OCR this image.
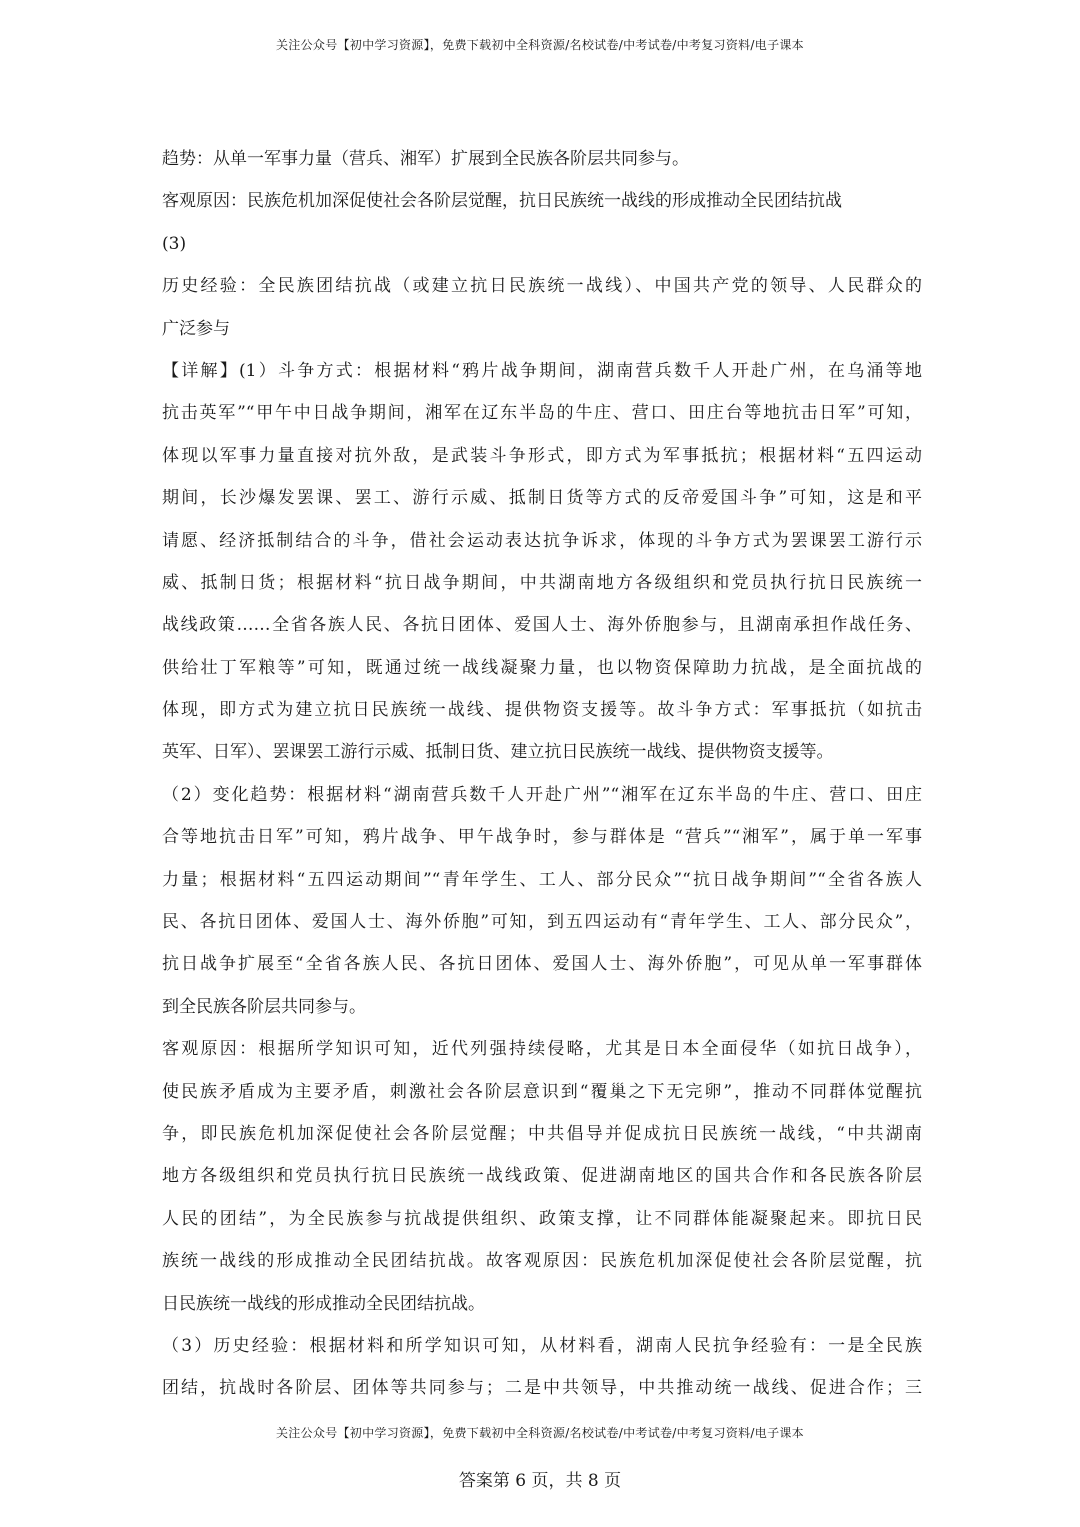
关注公众号【初中学习资源】，免费下载初中全科资源/名校试卷/中考试卷/中考复习资料/电子课本
趋势：从单一军事力量（营兵、湘军）扩展到全民族各阶层共同参与。
客观原因：民族危机加深促使社会各阶层觉醒，抗日民族统一战线的形成推动全民团结抗战
(3)
历史经验：全民族团结抗战（或建立抗日民族统一战线）、中国共产党的领导、人民群众的
广泛参与
【详解】(1）斗争方式：根据材料“鸦片战争期间，湖南营兵数千人开赴广州，在乌涌等地
抗击英军”“甲午中日战争期间，湘军在辽东半岛的牛庄、营口、田庄台等地抗击日军”可知，
体现以军事力量直接对抗外敌，是武装斗争形式，即方式为军事抵抗；根据材料“五四运动
期间，长沙爆发罢课、罢工、游行示威、抵制日货等方式的反帝爱国斗争”可知，这是和平
请愿、经济抵制结合的斗争，借社会运动表达抗争诉求，体现的斗争方式为罢课罢工游行示
威、抵制日货；根据材料“抗日战争期间，中共湖南地方各级组织和党员执行抗日民族统一
战线政策……全省各族人民、各抗日团体、爱国人士、海外侨胞参与，且湖南承担作战任务、
供给壮丁军粮等”可知，既通过统一战线凝聚力量，也以物资保障助力抗战，是全面抗战的
体现，即方式为建立抗日民族统一战线、提供物资支援等。故斗争方式：军事抵抗（如抗击
英军、日军）、罢课罢工游行示威、抵制日货、建立抗日民族统一战线、提供物资支援等。
（2）变化趋势：根据材料“湖南营兵数千人开赴广州”“湘军在辽东半岛的牛庄、营口、田庄
合等地抗击日军”可知，鸦片战争、甲午战争时，参与群体是 “营兵”“湘军”，属于单一军事
力量；根据材料“五四运动期间”“青年学生、工人、部分民众”“抗日战争期间”“全省各族人
民、各抗日团体、爱国人士、海外侨胞”可知，到五四运动有“青年学生、工人、部分民众”，
抗日战争扩展至“全省各族人民、各抗日团体、爱国人士、海外侨胞”，可见从单一军事群体
到全民族各阶层共同参与。
客观原因：根据所学知识可知，近代列强持续侵略，尤其是日本全面侵华（如抗日战争），
使民族矛盾成为主要矛盾，刺激社会各阶层意识到“覆巢之下无完卵”，推动不同群体觉醒抗
争，即民族危机加深促使社会各阶层觉醒；中共倡导并促成抗日民族统一战线，“中共湖南
地方各级组织和党员执行抗日民族统一战线政策、促进湖南地区的国共合作和各民族各阶层
人民的团结”，为全民族参与抗战提供组织、政策支撑，让不同群体能凝聚起来。即抗日民
族统一战线的形成推动全民团结抗战。故客观原因：民族危机加深促使社会各阶层觉醒，抗
日民族统一战线的形成推动全民团结抗战。
（3）历史经验：根据材料和所学知识可知，从材料看，湖南人民抗争经验有：一是全民族
团结，抗战时各阶层、团体等共同参与；二是中共领导，中共推动统一战线、促进合作；三
关注公众号【初中学习资源】，免费下载初中全科资源/名校试卷/中考试卷/中考复习资料/电子课本
答案第 6 页，共 8 页
